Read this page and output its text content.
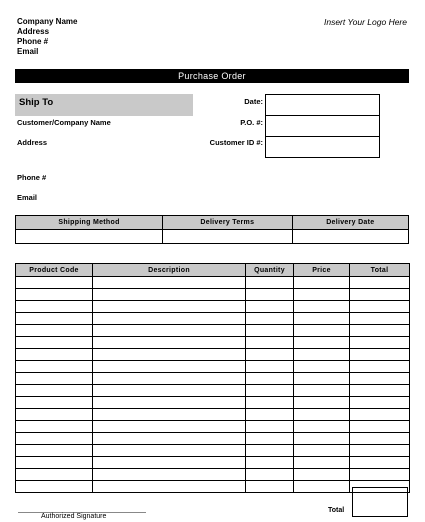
Company Name
Address
Phone #
Email
Insert Your Logo Here
Purchase Order
Ship To
Customer/Company Name
Address
Phone #
Email
Date:
P.O. #:
Customer ID #:

Shipping Method	Delivery Terms	Delivery Date

Product Code	Description	Quantity	Price	Total

Total
Authorized Signature
